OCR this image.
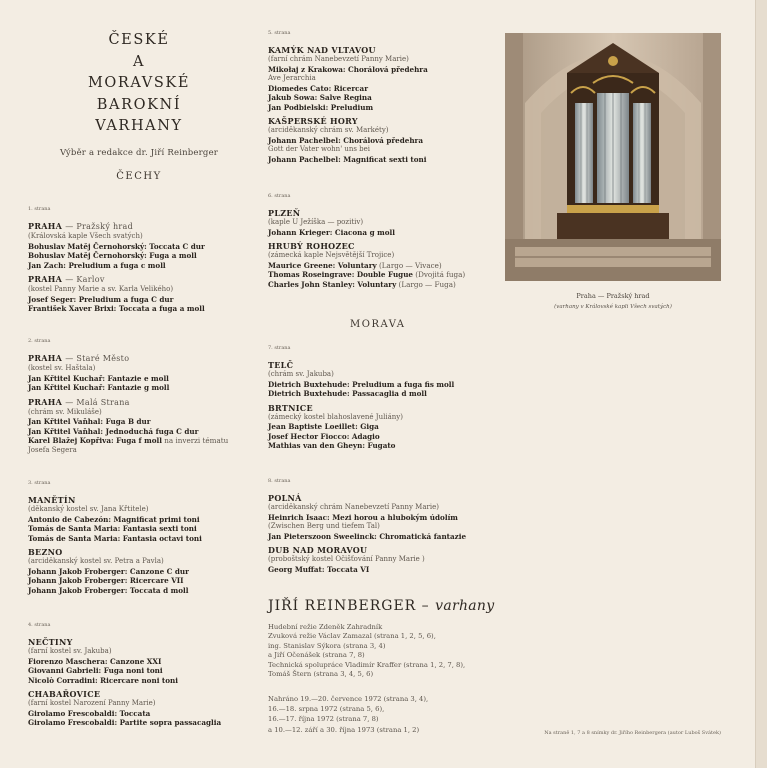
ČESKÉ
A
MORAVSKÉ
BAROKNÍ
VARHANY
Výběr a redakce dr. Jiří Reinberger
ČECHY
1. strana
PRAHA — Pražský hrad
(Královská kaple Všech svatých)
Bohuslav Matěj Černohorský: Toccata C dur
Bohuslav Matěj Černohorský: Fuga a moll
Jan Zach: Preludium a fuga c moll
PRAHA — Karlov
(kostel Panny Marie a sv. Karla Velikého)
Josef Seger: Preludium a fuga C dur
František Xaver Brixi: Toccata a fuga a moll
2. strana
PRAHA — Staré Město
(kostel sv. Haštala)
Jan Křtitel Kuchař: Fantazie e moll
Jan Křtitel Kuchař: Fantazie g moll
PRAHA — Malá Strana
(chrám sv. Mikuláše)
Jan Křtitel Vaňhal: Fuga B dur
Jan Křtitel Vaňhal: Jednoduchá fuga C dur
Karel Blažej Kopřiva: Fuga f moll na inverzi tématu
Josefa Segera
3. strana
MANĚTÍN
(děkanský kostel sv. Jana Křtitele)
Antonio de Cabezón: Magnificat primi toni
Tomás de Santa Maria: Fantasia sexti toni
Tomás de Santa Maria: Fantasia octavi toni
BEZNO
(arciděkanský kostel sv. Petra a Pavla)
Johann Jakob Froberger: Canzone C dur
Johann Jakob Froberger: Ricercare VII
Johann Jakob Froberger: Toccata d moll
4. strana
NEČTINY
(farní kostel sv. Jakuba)
Fiorenzo Maschera: Canzone XXI
Giovanni Gabrieli: Fuga noni toni
Nicolò Corradini: Ricercare noni toni
CHABAŘOVICE
(farní kostel Narození Panny Marie)
Girolamo Frescobaldi: Toccata
Girolamo Frescobaldi: Partite sopra passacaglia
5. strana
KAMÝK NAD VLTAVOU
(farní chrám Nanebevzetí Panny Marie)
Mikołaj z Krakowa: Chorálová předehra
Ave Jerarchia
Diomedes Cato: Ricercar
Jakub Sowa: Salve Regina
Jan Podbielski: Preludium
KAŠPERSKÉ HORY
(arciděkanský chrám sv. Markéty)
Johann Pachelbel: Chorálová předehra
Gott der Vater wohn' uns bei
Johann Pachelbel: Magnificat sexti toni
6. strana
PLZEŇ
(kaple U Ježíška — pozitiv)
Johann Krieger: Ciacona g moll
HRUBÝ ROHOZEC
(zámecká kaple Nejsvětější Trojice)
Maurice Greene: Voluntary (Largo — Vivace)
Thomas Roseingrave: Double Fugue (Dvojitá fuga)
Charles John Stanley: Voluntary (Largo — Fuga)
7. strana
TELČ
(chrám sv. Jakuba)
Dietrich Buxtehude: Preludium a fuga fis moll
Dietrich Buxtehude: Passacaglia d moll
BRTNICE
(zámecký kostel blahoslavené Juliány)
Jean Baptiste Loeillet: Giga
Josef Hector Fiocco: Adagio
Mathias van den Gheyn: Fugato
8. strana
POLNÁ
(arciděkanský chrám Nanebevzetí Panny Marie)
Heinrich Isaac: Mezi horou a hlubokým údolím
(Zwischen Berg und tiefem Tal)
Jan Pieterszoon Sweelinck: Chromatická fantazie
DUB NAD MORAVOU
(proboštský kostel Očišťování Panny Marie )
Georg Muffat: Toccata VI
MORAVA
JIŘÍ REINBERGER – varhany
Hudební režie Zdeněk Zahradník
Zvuková režie Václav Zamazal (strana 1, 2, 5, 6),
ing. Stanislav Sýkora (strana 3, 4)
a Jiří Očenášek (strana 7, 8)
Technická spolupráce Vladimír Kraffer (strana 1, 2, 7, 8),
Tomáš Štern (strana 3, 4, 5, 6)
Nahráno 19.—20. července 1972 (strana 3, 4),
16.—18. srpna 1972 (strana 5, 6),
16.—17. října 1972 (strana 7, 8)
a 10.—12. září a 30. října 1973 (strana 1, 2)
Praha — Pražský hrad
(varhany v Královské kapli Všech svatých)
Na straně 1, 7 a 8 snímky dr. Jiřího Reinbergera (autor Luboš Svátek)
